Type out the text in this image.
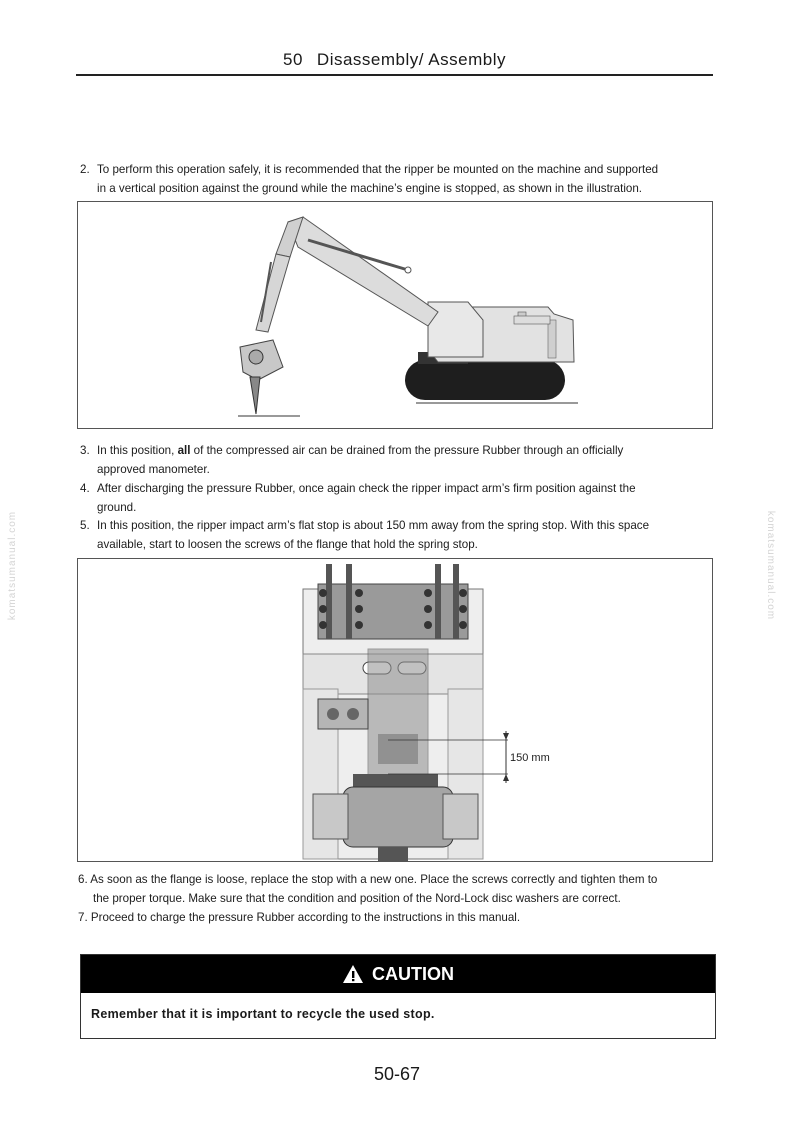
50 Disassembly/ Assembly
2. To perform this operation safely, it is recommended that the ripper be mounted on the machine and supported
in a vertical position against the ground while the machine’s engine is stopped, as shown in the illustration.
3. In this position, all of the compressed air can be drained from the pressure Rubber through an officially
approved manometer.
4. After discharging the pressure Rubber, once again check the ripper impact arm’s firm position against the
ground.
5. In this position, the ripper impact arm’s flat stop is about 150 mm away from the spring stop. With this space
available, start to loosen the screws of the flange that hold the spring stop.
150 mm
6. As soon as the flange is loose, replace the stop with a new one. Place the screws correctly and tighten them to
the proper torque. Make sure that the condition and position of the Nord-Lock disc washers are correct.
7. Proceed to charge the pressure Rubber according to the instructions in this manual.
CAUTION
Remember that it is important to recycle the used stop.
komatsumanual.com	komatsumanual.com
50-67
